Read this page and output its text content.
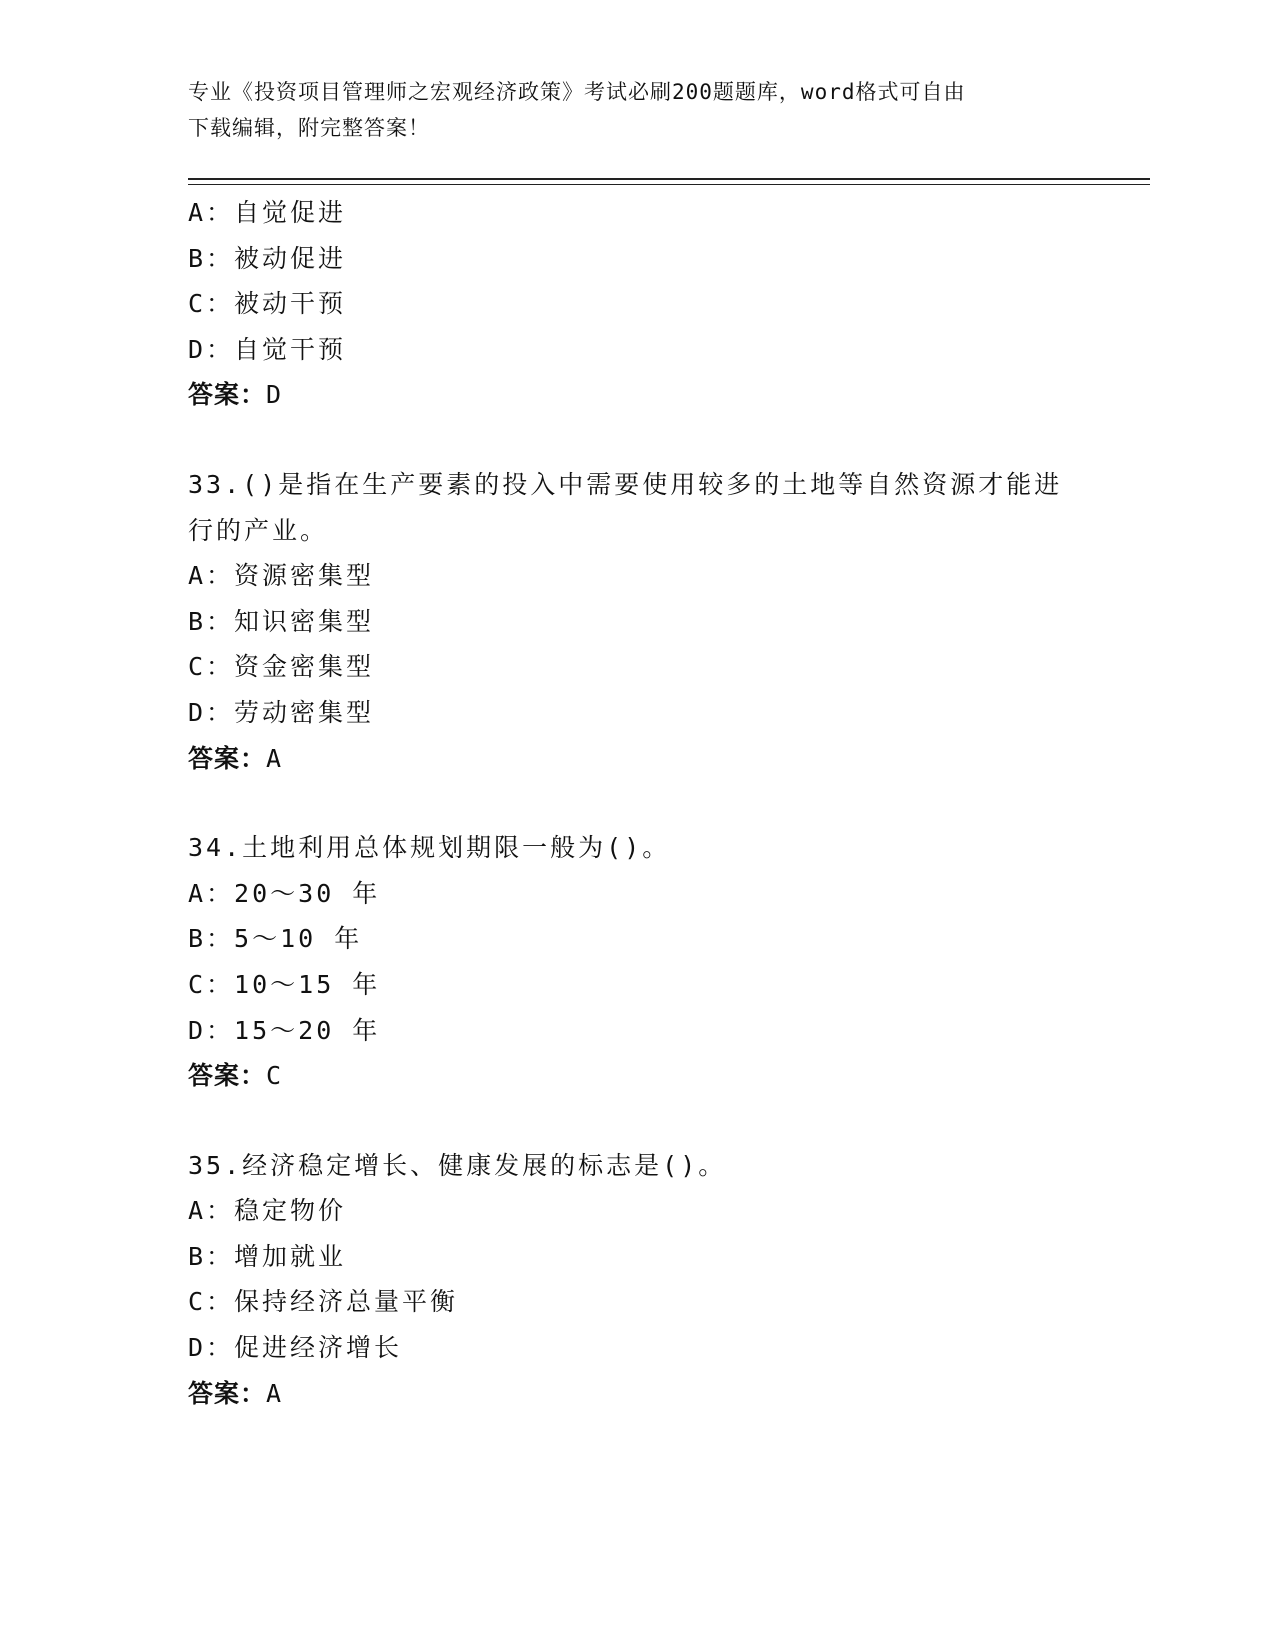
专业《投资项目管理师之宏观经济政策》考试必刷200题题库，word格式可自由
下载编辑，附完整答案！

A：自觉促进

B：被动促进

C：被动干预

D：自觉干预

答案：D

33.()是指在生产要素的投入中需要使用较多的土地等自然资源才能进行的产业。

A：资源密集型

B：知识密集型

C：资金密集型

D：劳动密集型

答案：A

34.土地利用总体规划期限一般为()。

A：20～30 年

B：5～10 年

C：10～15 年

D：15～20 年

答案：C

35.经济稳定增长、健康发展的标志是()。

A：稳定物价

B：增加就业

C：保持经济总量平衡

D：促进经济增长

答案：A
